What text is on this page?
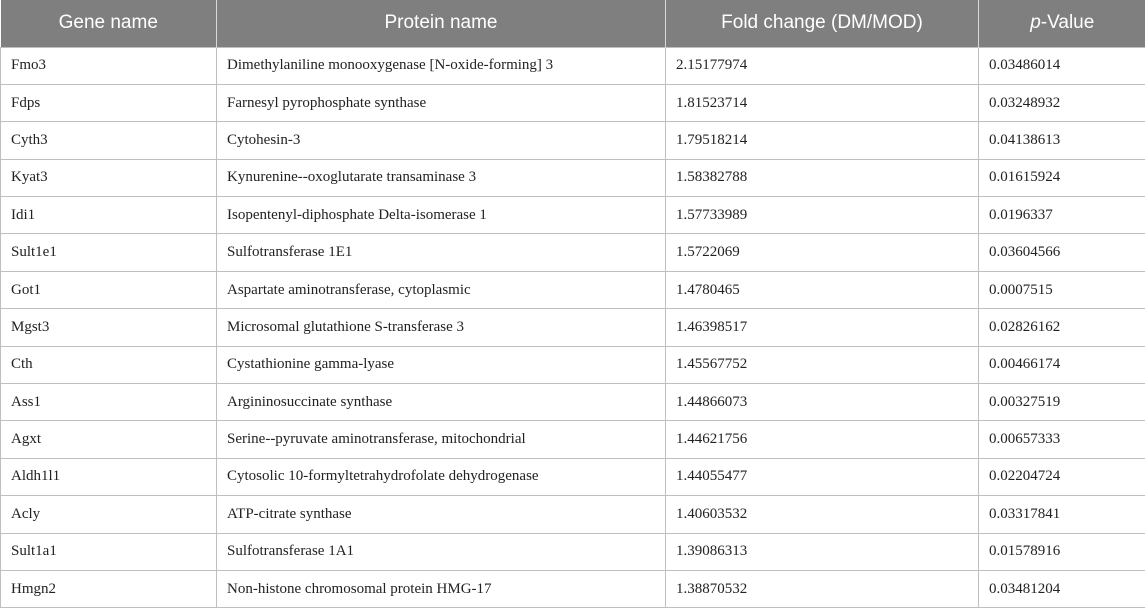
Gene name	Protein name	Fold change (DM/MOD)	p-Value
Fmo3	Dimethylaniline monooxygenase [N-oxide-forming] 3	2.15177974	0.03486014
Fdps	Farnesyl pyrophosphate synthase	1.81523714	0.03248932
Cyth3	Cytohesin-3	1.79518214	0.04138613
Kyat3	Kynurenine--oxoglutarate transaminase 3	1.58382788	0.01615924
Idi1	Isopentenyl-diphosphate Delta-isomerase 1	1.57733989	0.0196337
Sult1e1	Sulfotransferase 1E1	1.5722069	0.03604566
Got1	Aspartate aminotransferase, cytoplasmic	1.4780465	0.0007515
Mgst3	Microsomal glutathione S-transferase 3	1.46398517	0.02826162
Cth	Cystathionine gamma-lyase	1.45567752	0.00466174
Ass1	Argininosuccinate synthase	1.44866073	0.00327519
Agxt	Serine--pyruvate aminotransferase, mitochondrial	1.44621756	0.00657333
Aldh1l1	Cytosolic 10-formyltetrahydrofolate dehydrogenase	1.44055477	0.02204724
Acly	ATP-citrate synthase	1.40603532	0.03317841
Sult1a1	Sulfotransferase 1A1	1.39086313	0.01578916
Hmgn2	Non-histone chromosomal protein HMG-17	1.38870532	0.03481204
